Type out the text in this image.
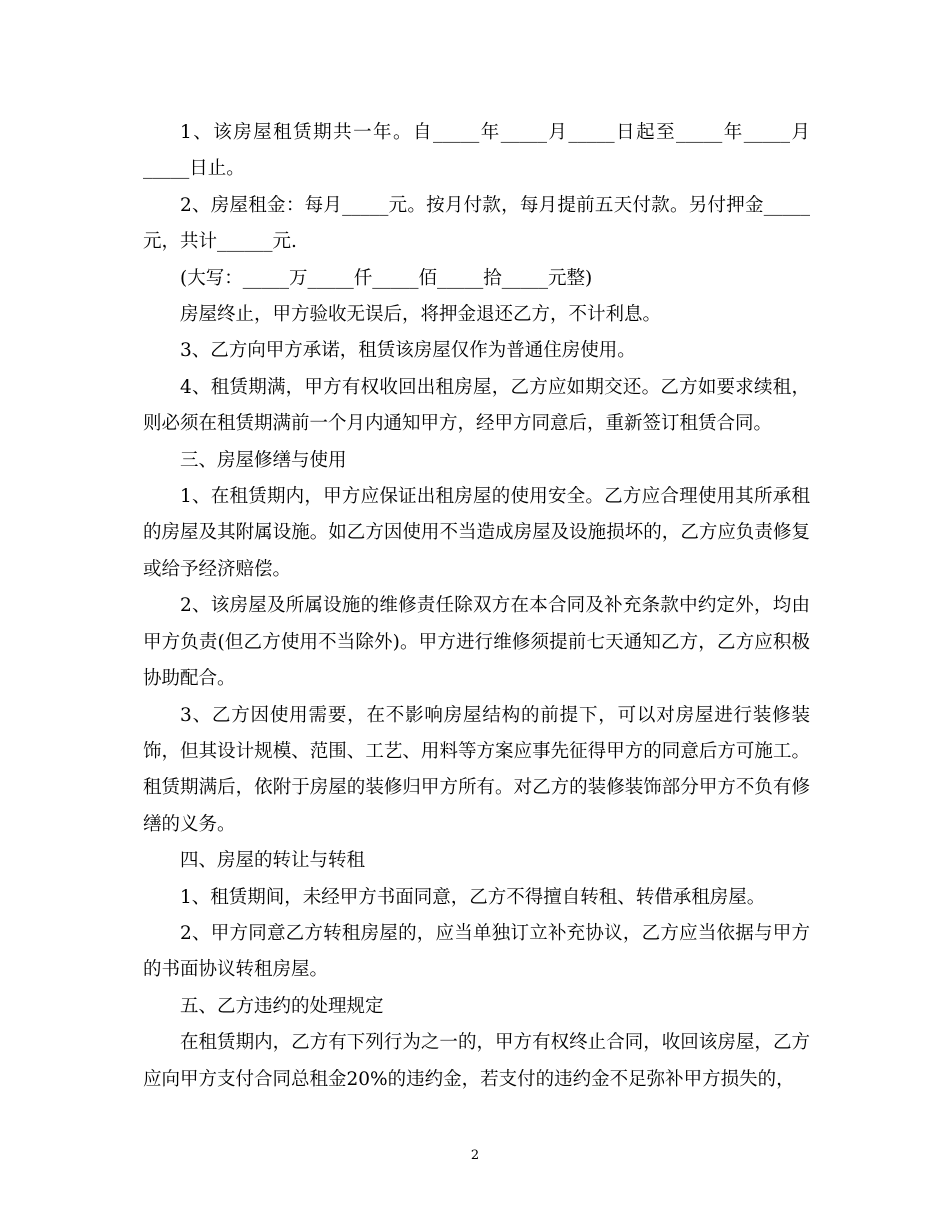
1、该房屋租赁期共一年。自_____年_____月_____日起至_____年_____月_____日止。

2、房屋租金：每月_____元。按月付款，每月提前五天付款。另付押金_____元，共计______元.

(大写：_____万_____仟_____佰_____拾_____元整)

房屋终止，甲方验收无误后，将押金退还乙方，不计利息。

3、乙方向甲方承诺，租赁该房屋仅作为普通住房使用。

4、租赁期满，甲方有权收回出租房屋，乙方应如期交还。乙方如要求续租，则必须在租赁期满前一个月内通知甲方，经甲方同意后，重新签订租赁合同。

三、房屋修缮与使用

1、在租赁期内，甲方应保证出租房屋的使用安全。乙方应合理使用其所承租的房屋及其附属设施。如乙方因使用不当造成房屋及设施损坏的，乙方应负责修复或给予经济赔偿。

2、该房屋及所属设施的维修责任除双方在本合同及补充条款中约定外，均由甲方负责(但乙方使用不当除外)。甲方进行维修须提前七天通知乙方，乙方应积极协助配合。

3、乙方因使用需要，在不影响房屋结构的前提下，可以对房屋进行装修装饰，但其设计规模、范围、工艺、用料等方案应事先征得甲方的同意后方可施工。租赁期满后，依附于房屋的装修归甲方所有。对乙方的装修装饰部分甲方不负有修缮的义务。

四、房屋的转让与转租

1、租赁期间，未经甲方书面同意，乙方不得擅自转租、转借承租房屋。

2、甲方同意乙方转租房屋的，应当单独订立补充协议，乙方应当依据与甲方的书面协议转租房屋。

五、乙方违约的处理规定

在租赁期内，乙方有下列行为之一的，甲方有权终止合同，收回该房屋，乙方应向甲方支付合同总租金20%的违约金，若支付的违约金不足弥补甲方损失的，

2
